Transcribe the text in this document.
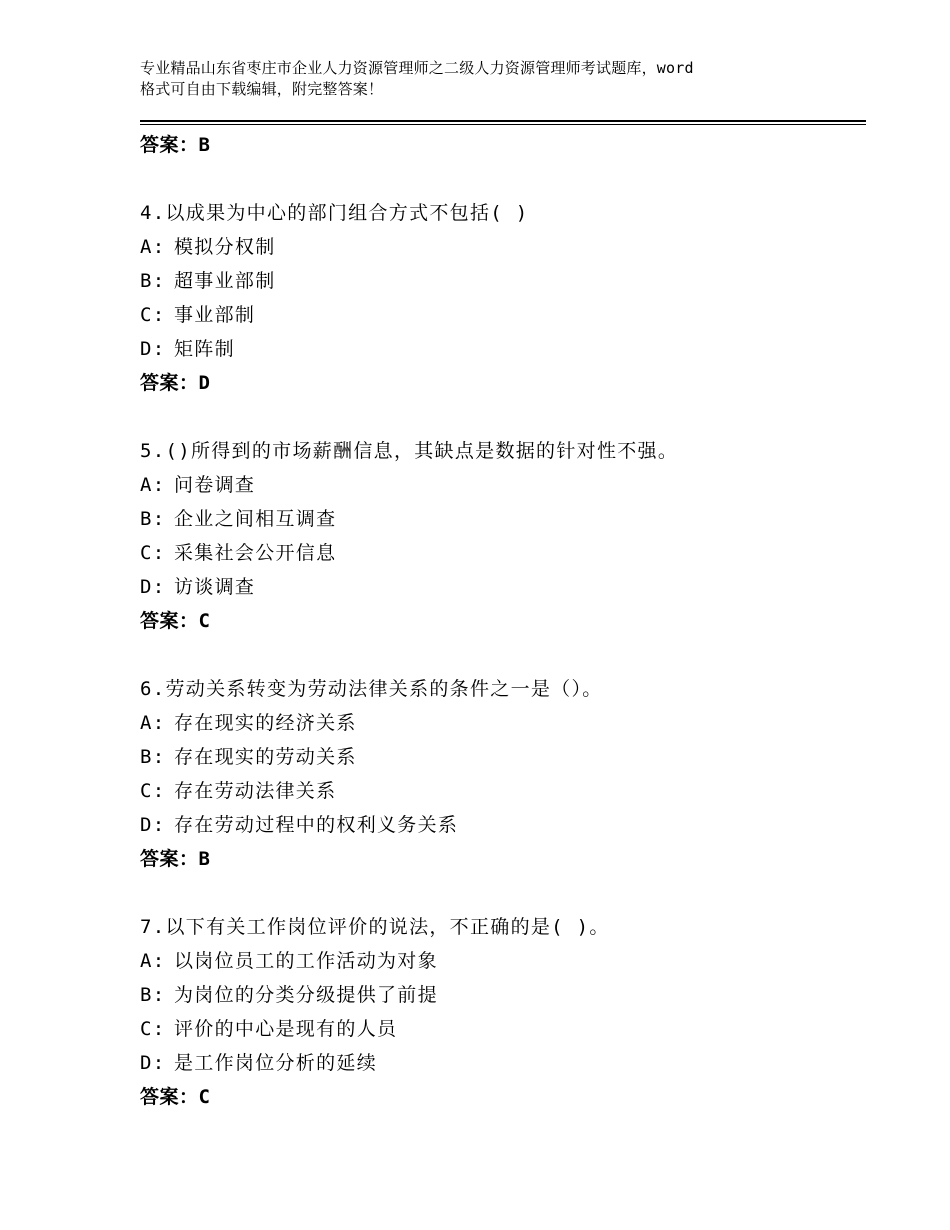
专业精品山东省枣庄市企业人力资源管理师之二级人力资源管理师考试题库，word
格式可自由下载编辑，附完整答案！
答案：B
4.以成果为中心的部门组合方式不包括( )
A: 模拟分权制
B: 超事业部制
C: 事业部制
D: 矩阵制
答案：D
5.()所得到的市场薪酬信息，其缺点是数据的针对性不强。
A: 问卷调查
B: 企业之间相互调查
C: 采集社会公开信息
D: 访谈调查
答案：C
6.劳动关系转变为劳动法律关系的条件之一是（）。
A: 存在现实的经济关系
B: 存在现实的劳动关系
C: 存在劳动法律关系
D: 存在劳动过程中的权利义务关系
答案：B
7.以下有关工作岗位评价的说法，不正确的是( )。
A: 以岗位员工的工作活动为对象
B: 为岗位的分类分级提供了前提
C: 评价的中心是现有的人员
D: 是工作岗位分析的延续
答案：C
